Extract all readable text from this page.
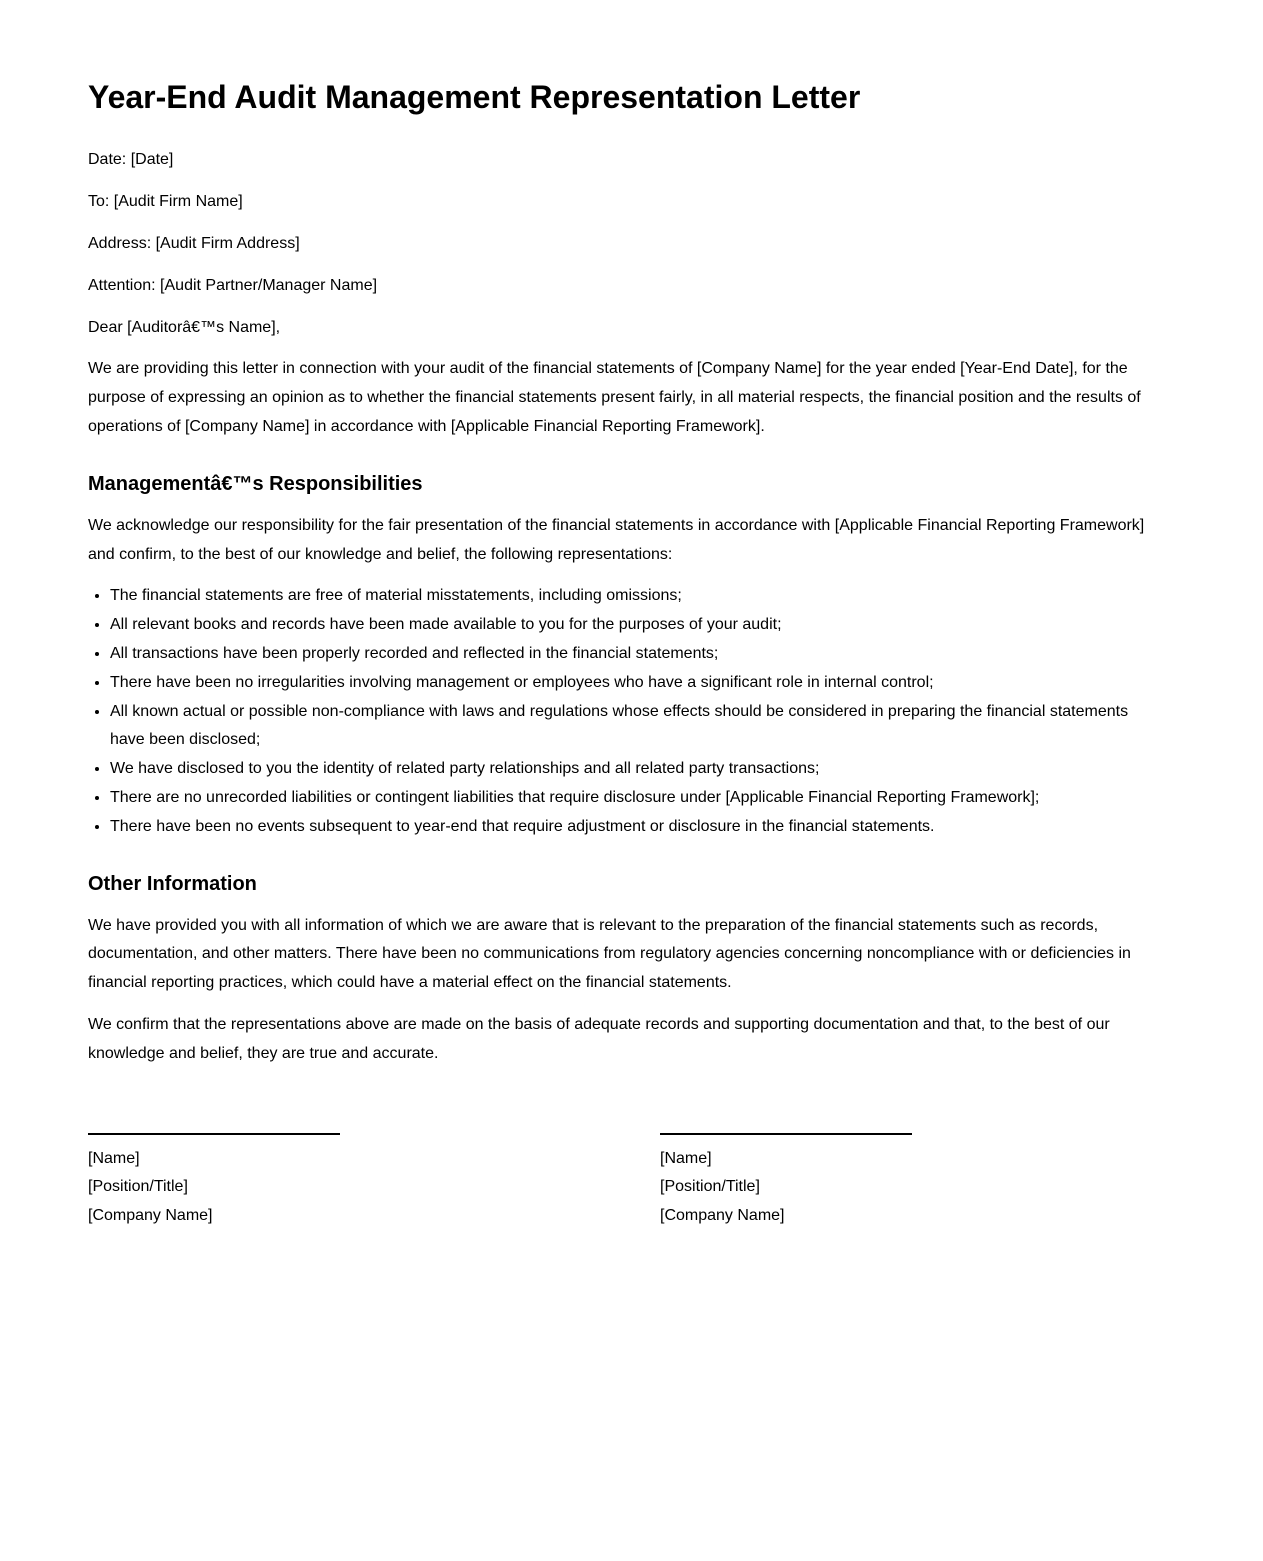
Year-End Audit Management Representation Letter

Date: [Date]

To: [Audit Firm Name]

Address: [Audit Firm Address]

Attention: [Audit Partner/Manager Name]

Dear [Auditorâ€™s Name],

We are providing this letter in connection with your audit of the financial statements of [Company Name] for the year ended [Year-End Date], for the purpose of expressing an opinion as to whether the financial statements present fairly, in all material respects, the financial position and the results of operations of [Company Name] in accordance with [Applicable Financial Reporting Framework].

Managementâ€™s Responsibilities

We acknowledge our responsibility for the fair presentation of the financial statements in accordance with [Applicable Financial Reporting Framework] and confirm, to the best of our knowledge and belief, the following representations:

• The financial statements are free of material misstatements, including omissions;
• All relevant books and records have been made available to you for the purposes of your audit;
• All transactions have been properly recorded and reflected in the financial statements;
• There have been no irregularities involving management or employees who have a significant role in internal control;
• All known actual or possible non-compliance with laws and regulations whose effects should be considered in preparing the financial statements have been disclosed;
• We have disclosed to you the identity of related party relationships and all related party transactions;
• There are no unrecorded liabilities or contingent liabilities that require disclosure under [Applicable Financial Reporting Framework];
• There have been no events subsequent to year-end that require adjustment or disclosure in the financial statements.
Other Information

We have provided you with all information of which we are aware that is relevant to the preparation of the financial statements such as records, documentation, and other matters. There have been no communications from regulatory agencies concerning noncompliance with or deficiencies in financial reporting practices, which could have a material effect on the financial statements.

We confirm that the representations above are made on the basis of adequate records and supporting documentation and that, to the best of our knowledge and belief, they are true and accurate.

[Name]

[Position/Title]

[Company Name]

[Name]

[Position/Title]

[Company Name]
